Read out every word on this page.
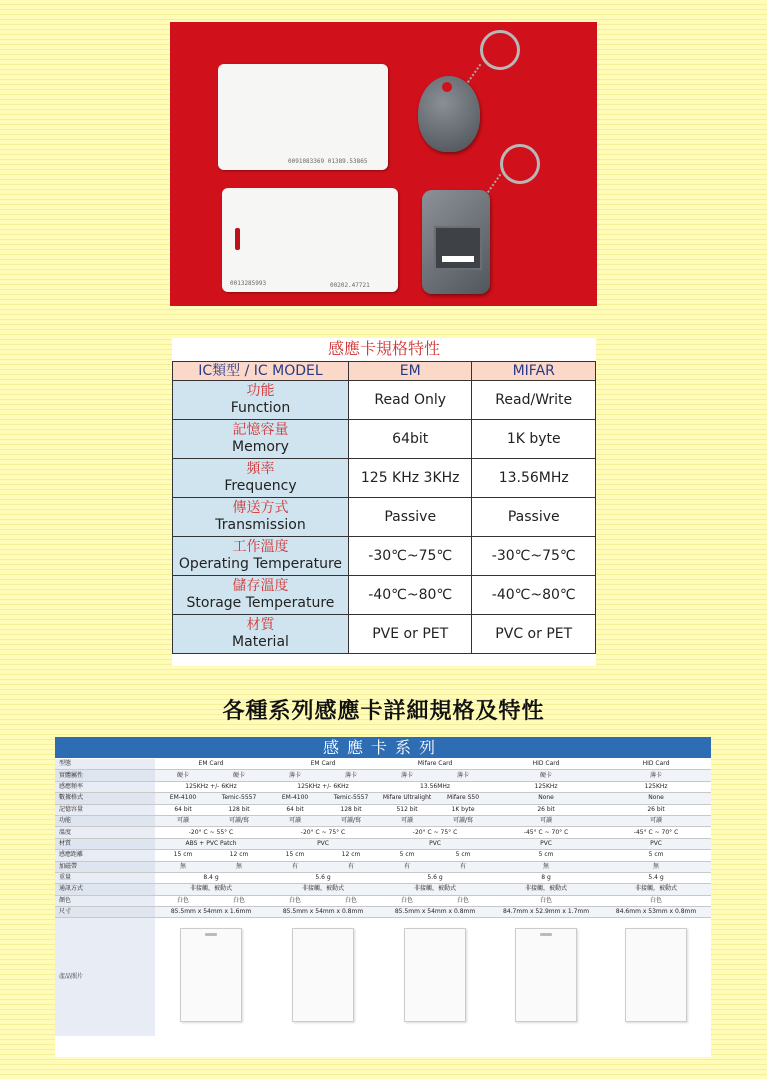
0091083369 01389.53865
0013285993	00202.47721
感應卡規格特性
IC類型 / IC MODEL	EM	MIFAR

功能
Function	Read Only	Read/Write

記憶容量
Memory	64bit	1K byte

頻率
Frequency	125 KHz 3KHz	13.56MHz

傳送方式
Transmission	Passive	Passive

工作溫度
Operating Temperature	-30℃~75℃	-30℃~75℃

儲存溫度
Storage Temperature	-40℃~80℃	-40℃~80℃

材質
Material	PVE or PET	PVC or PET
各種系列感應卡詳細規格及特性
感應卡系列
型態	EM Card		EM Card		Mifare Card		HID Card	HID Card
實體屬性	硬卡	硬卡	薄卡	薄卡	薄卡	薄卡	硬卡	薄卡
感應頻率	125KHz +/- 6KHz		125KHz +/- 6KHz		13.56MHz		125KHz	125KHz
數據格式	EM-4100	Temic-5557	EM-4100	Temic-5557	Mifare Ultralight	Mifare S50	None	None
記憶容量	64 bit	128 bit	64 bit	128 bit	512 bit	1K byte	26 bit	26 bit
功能	可讀	可讀/寫	可讀	可讀/寫	可讀	可讀/寫	可讀	可讀
溫度	-20° C ~ 55° C		-20° C ~ 75° C		-20° C ~ 75° C		-45° C ~ 70° C	-45° C ~ 70° C
材質	ABS + PVC Patch		PVC		PVC		PVC	PVC
感應距離	15 cm	12 cm	15 cm	12 cm	5 cm	5 cm	5 cm	5 cm
加磁帶	無	無	有	有	有	有	無	無
重量	8.4 g		5.6 g		5.6 g		8 g	5.4 g
通訊方式	非接觸，被動式		非接觸，被動式		非接觸，被動式		非接觸，被動式	非接觸，被動式
顏色	白色	白色	白色	白色	白色	白色	白色	白色
尺寸	85.5mm x 54mm x 1.6mm		85.5mm x 54mm x 0.8mm		85.5mm x 54mm x 0.8mm		84.7mm x 52.9mm x 1.7mm	84.6mm x 53mm x 0.8mm
產品照片								
